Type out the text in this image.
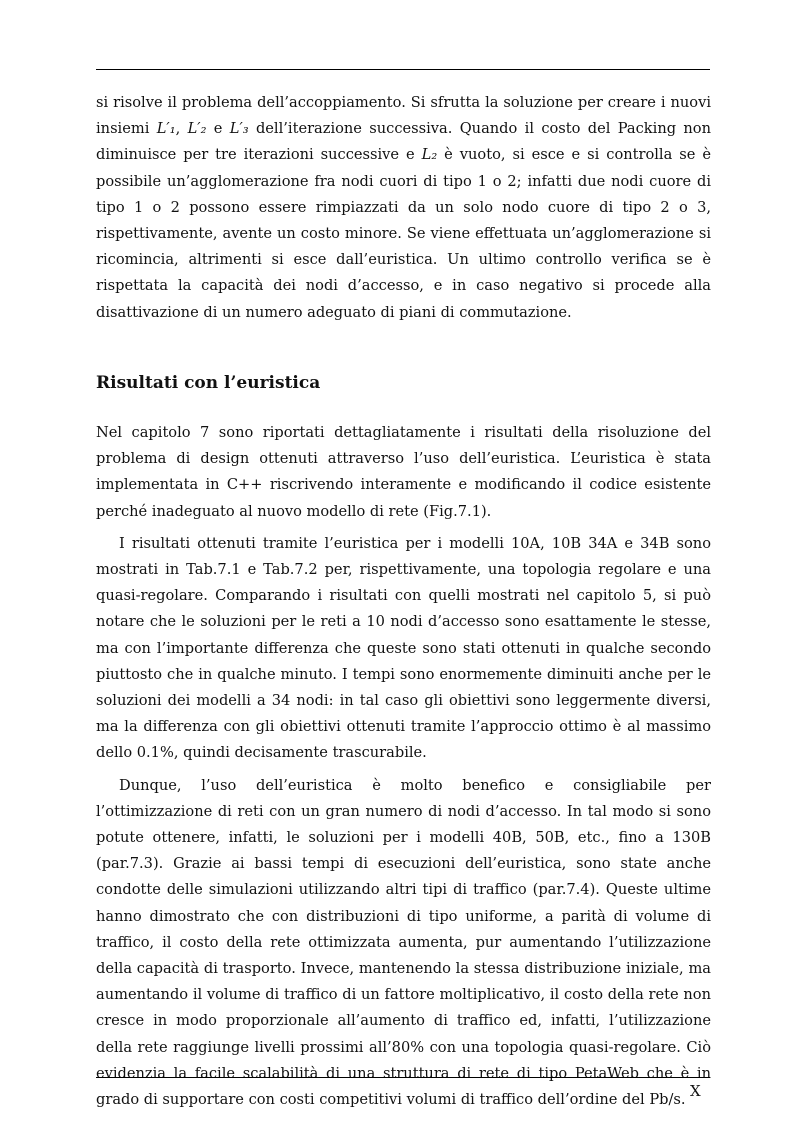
si risolve il problema dell’accoppiamento. Si sfrutta la soluzione per creare i nuovi insiemi L′₁, L′₂ e L′₃ dell’iterazione successiva. Quando il costo del Packing non diminuisce per tre iterazioni successive e L₂ è vuoto, si esce e si controlla se è possibile un’agglomerazione fra nodi cuori di tipo 1 o 2; infatti due nodi cuore di tipo 1 o 2 possono essere rimpiazzati da un solo nodo cuore di tipo 2 o 3, rispettivamente, avente un costo minore. Se viene effettuata un’agglomerazione si ricomincia, altrimenti si esce dall’euristica. Un ultimo controllo verifica se è rispettata la capacità dei nodi d’accesso, e in caso negativo si procede alla disattivazione di un numero adeguato di piani di commutazione.

Risultati con l’euristica

Nel capitolo 7 sono riportati dettagliatamente i risultati della risoluzione del problema di design ottenuti attraverso l’uso dell’euristica. L’euristica è stata implementata in C++ riscrivendo interamente e modificando il codice esistente perché inadeguato al nuovo modello di rete (Fig.7.1).

I risultati ottenuti tramite l’euristica per i modelli 10A, 10B 34A e 34B sono mostrati in Tab.7.1 e Tab.7.2 per, rispettivamente, una topologia regolare e una quasi-regolare. Comparando i risultati con quelli mostrati nel capitolo 5, si può notare che le soluzioni per le reti a 10 nodi d’accesso sono esattamente le stesse, ma con l’importante differenza che queste sono stati ottenuti in qualche secondo piuttosto che in qualche minuto. I tempi sono enormemente diminuiti anche per le soluzioni dei modelli a 34 nodi: in tal caso gli obiettivi sono leggermente diversi, ma la differenza con gli obiettivi ottenuti tramite l’approccio ottimo è al massimo dello 0.1%, quindi decisamente trascurabile.

Dunque, l’uso dell’euristica è molto benefico e consigliabile per l’ottimizzazione di reti con un gran numero di nodi d’accesso. In tal modo si sono potute ottenere, infatti, le soluzioni per i modelli 40B, 50B, etc., fino a 130B (par.7.3). Grazie ai bassi tempi di esecuzioni dell’euristica, sono state anche condotte delle simulazioni utilizzando altri tipi di traffico (par.7.4). Queste ultime hanno dimostrato che con distribuzioni di tipo uniforme, a parità di volume di traffico, il costo della rete ottimizzata aumenta, pur aumentando l’utilizzazione della capacità di trasporto. Invece, mantenendo la stessa distribuzione iniziale, ma aumentando il volume di traffico di un fattore moltiplicativo, il costo della rete non cresce in modo proporzionale all’aumento di traffico ed, infatti, l’utilizzazione della rete raggiunge livelli prossimi all’80% con una topologia quasi-regolare. Ciò evidenzia la facile scalabilità di una struttura di rete di tipo PetaWeb che è in grado di supportare con costi competitivi volumi di traffico dell’ordine del Pb/s. X
